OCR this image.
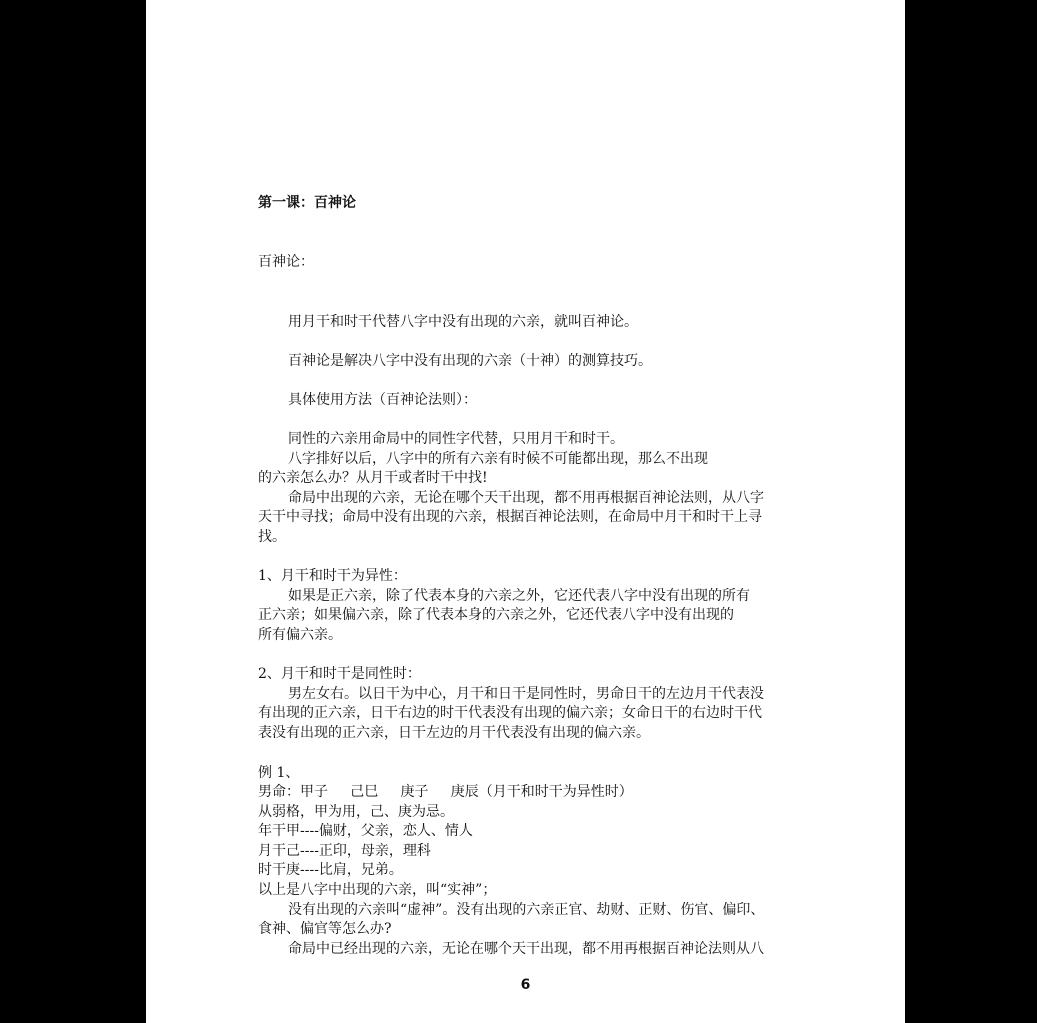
第一课：百神论
百神论：
用月干和时干代替八字中没有出现的六亲，就叫百神论。
百神论是解决八字中没有出现的六亲（十神）的测算技巧。
具体使用方法（百神论法则）：
同性的六亲用命局中的同性字代替，只用月干和时干。
八字排好以后，八字中的所有六亲有时候不可能都出现，那么不出现
的六亲怎么办？从月干或者时干中找!
命局中出现的六亲，无论在哪个天干出现，都不用再根据百神论法则，从八字
天干中寻找；命局中没有出现的六亲，根据百神论法则，在命局中月干和时干上寻
找。
1、月干和时干为异性：
如果是正六亲，除了代表本身的六亲之外，它还代表八字中没有出现的所有
正六亲；如果偏六亲，除了代表本身的六亲之外，它还代表八字中没有出现的
所有偏六亲。
2、月干和时干是同性时：
男左女右。以日干为中心，月干和日干是同性时，男命日干的左边月干代表没
有出现的正六亲，日干右边的时干代表没有出现的偏六亲；女命日干的右边时干代
表没有出现的正六亲，日干左边的月干代表没有出现的偏六亲。
例 1、
男命：甲子     己巳     庚子     庚辰（月干和时干为异性时）
从弱格，甲为用，己、庚为忌。
年干甲----偏财，父亲，恋人、情人
月干己----正印，母亲，理科
时干庚----比肩，兄弟。
以上是八字中出现的六亲，叫“实神”；
没有出现的六亲叫“虚神”。没有出现的六亲正官、劫财、正财、伤官、偏印、
食神、偏官等怎么办?
命局中已经出现的六亲，无论在哪个天干出现，都不用再根据百神论法则从八
6
